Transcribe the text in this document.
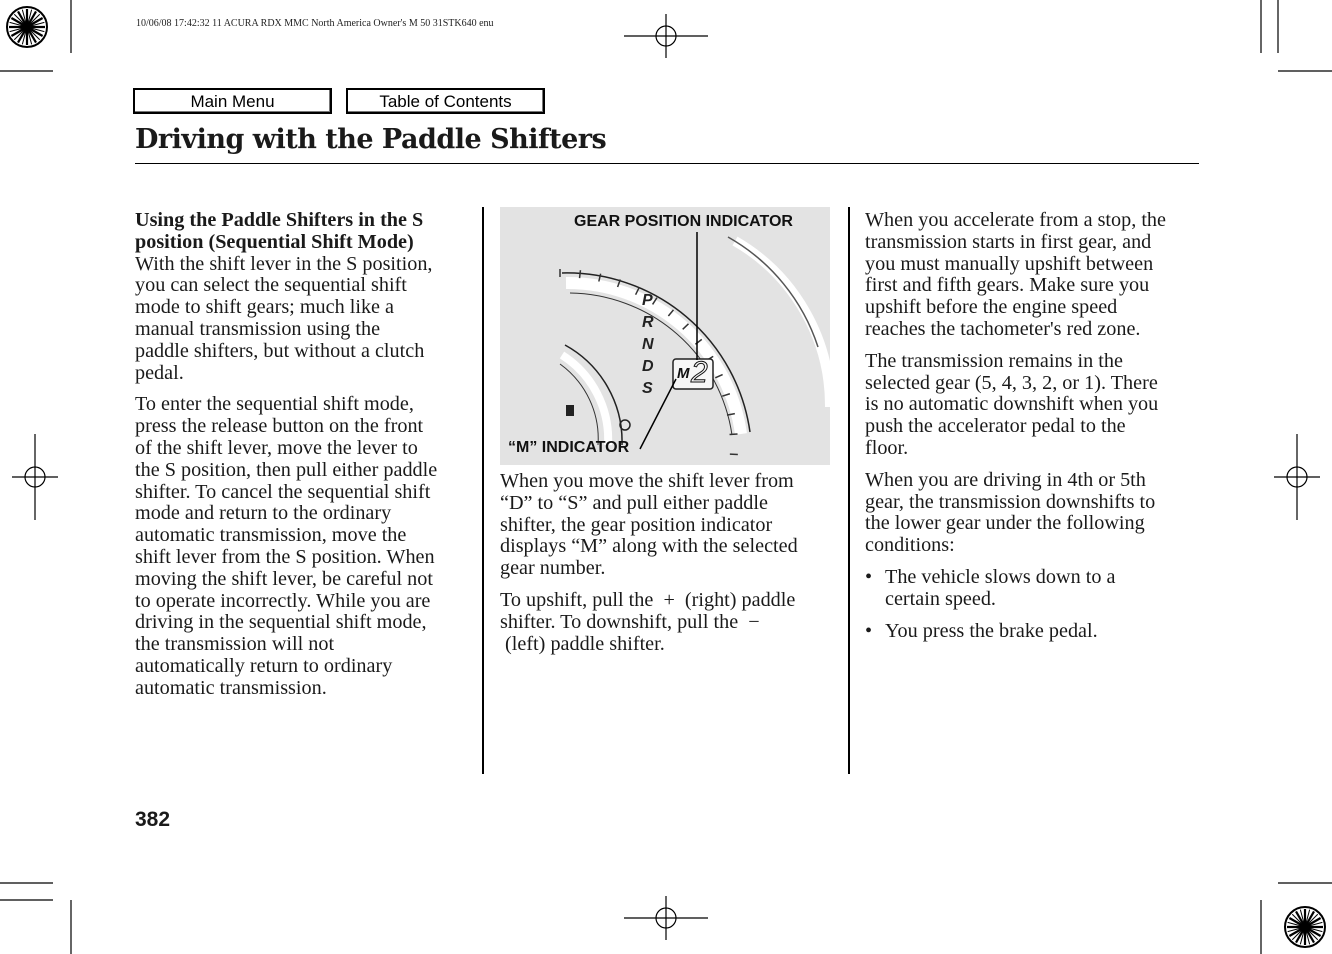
10/06/08 17:42:32 11 ACURA RDX MMC North America Owner's M 50 31STK640 enu
Main Menu	Table of Contents
Driving with the Paddle Shifters
Using the Paddle Shifters in the S
position (Sequential Shift Mode)

With the shift lever in the S position,
you can select the sequential shift
mode to shift gears; much like a
manual transmission using the
paddle shifters, but without a clutch
pedal.

To enter the sequential shift mode,
press the release button on the front
of the shift lever, move the lever to
the S position, then pull either paddle
shifter. To cancel the sequential shift
mode and return to the ordinary
automatic transmission, move the
shift lever from the S position. When
moving the shift lever, be careful not
to operate incorrectly. While you are
driving in the sequential shift mode,
the transmission will not
automatically return to ordinary
automatic transmission.

GEAR POSITION INDICATOR
“M” INDICATOR
P
R
N
D
S
M 2

When you move the shift lever from
“D” to “S” and pull either paddle
shifter, the gear position indicator
displays “M” along with the selected
gear number.

To upshift, pull the  +  (right) paddle
shifter. To downshift, pull the  −
(left) paddle shifter.

When you accelerate from a stop, the
transmission starts in first gear, and
you must manually upshift between
first and fifth gears. Make sure you
upshift before the engine speed
reaches the tachometer's red zone.

The transmission remains in the
selected gear (5, 4, 3, 2, or 1). There
is no automatic downshift when you
push the accelerator pedal to the
floor.

When you are driving in 4th or 5th
gear, the transmission downshifts to
the lower gear under the following
conditions:

• The vehicle slows down to a
certain speed.
• You press the brake pedal.
382
